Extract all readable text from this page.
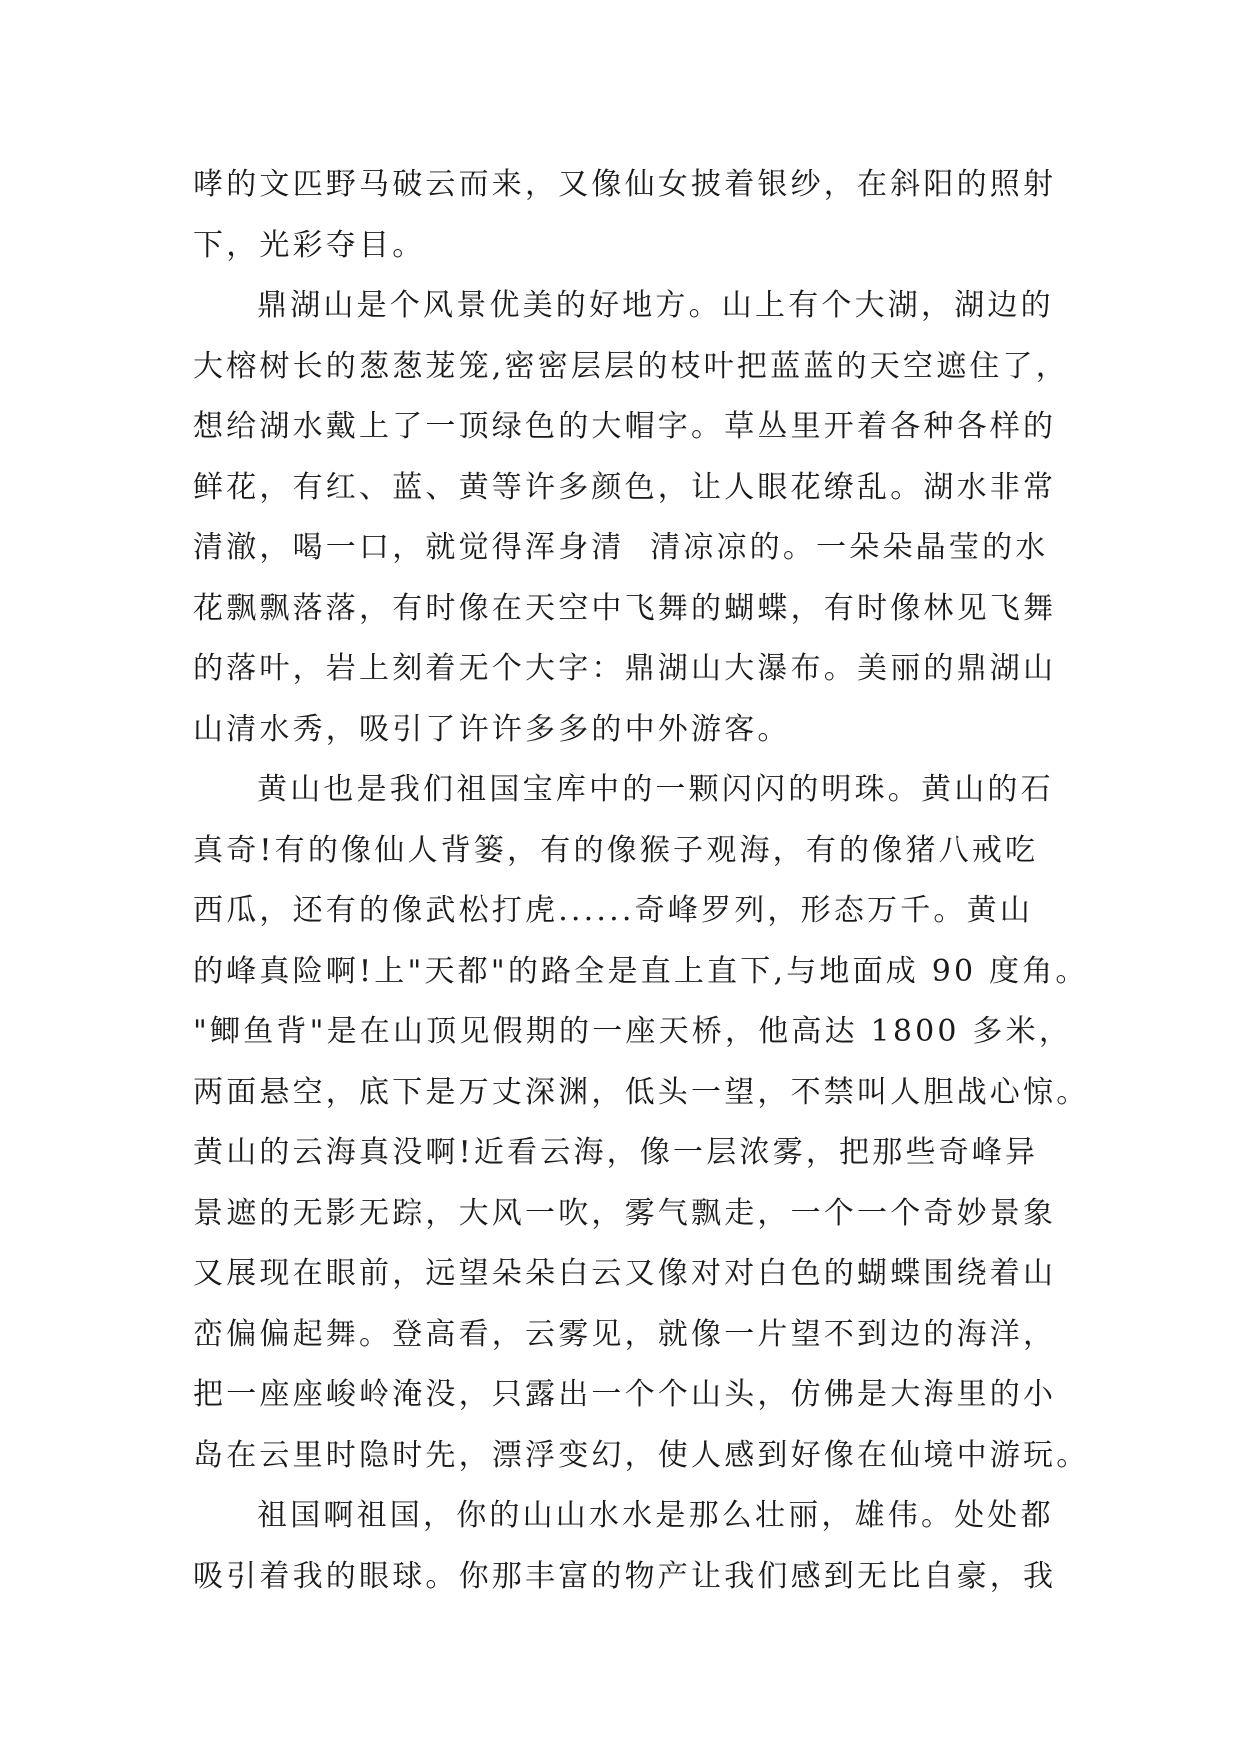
哮的文匹野马破云而来，又像仙女披着银纱，在斜阳的照射
下，光彩夺目。
鼎湖山是个风景优美的好地方。山上有个大湖，湖边的
大榕树长的葱葱茏笼,密密层层的枝叶把蓝蓝的天空遮住了，
想给湖水戴上了一顶绿色的大帽字。草丛里开着各种各样的
鲜花，有红、蓝、黄等许多颜色，让人眼花缭乱。湖水非常
清澈，喝一口，就觉得浑身清  清凉凉的。一朵朵晶莹的水
花飘飘落落，有时像在天空中飞舞的蝴蝶，有时像林见飞舞
的落叶，岩上刻着无个大字：鼎湖山大瀑布。美丽的鼎湖山
山清水秀，吸引了许许多多的中外游客。
黄山也是我们祖国宝库中的一颗闪闪的明珠。黄山的石
真奇!有的像仙人背篓，有的像猴子观海，有的像猪八戒吃
西瓜，还有的像武松打虎......奇峰罗列，形态万千。黄山
的峰真险啊!上"天都"的路全是直上直下,与地面成 90 度角。
"鲫鱼背"是在山顶见假期的一座天桥，他高达 1800 多米，
两面悬空，底下是万丈深渊，低头一望，不禁叫人胆战心惊。
黄山的云海真没啊!近看云海，像一层浓雾，把那些奇峰异
景遮的无影无踪，大风一吹，雾气飘走，一个一个奇妙景象
又展现在眼前，远望朵朵白云又像对对白色的蝴蝶围绕着山
峦偏偏起舞。登高看，云雾见，就像一片望不到边的海洋，
把一座座峻岭淹没，只露出一个个山头，仿佛是大海里的小
岛在云里时隐时先，漂浮变幻，使人感到好像在仙境中游玩。
祖国啊祖国，你的山山水水是那么壮丽，雄伟。处处都
吸引着我的眼球。你那丰富的物产让我们感到无比自豪，我
